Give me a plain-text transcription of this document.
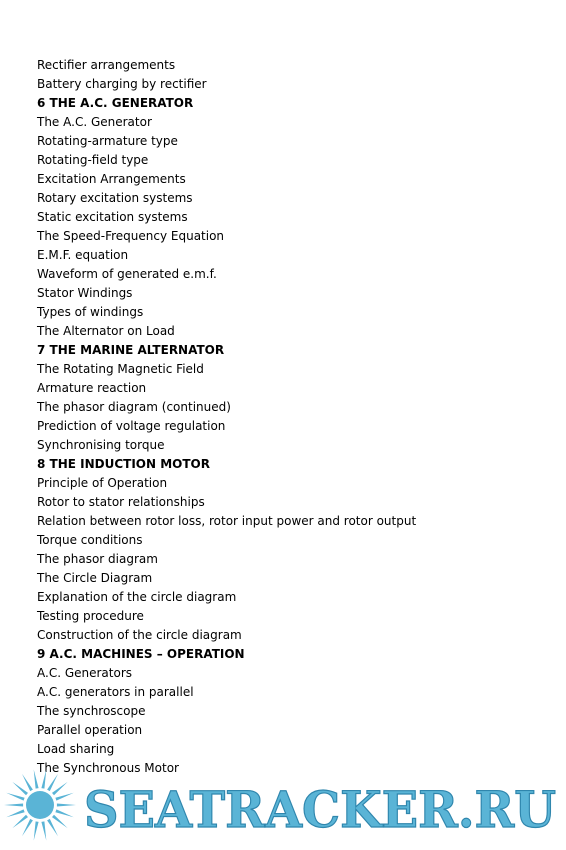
Rectifier arrangements
Battery charging by rectifier
6 THE A.C. GENERATOR
The A.C. Generator
Rotating-armature type
Rotating-field type
Excitation Arrangements
Rotary excitation systems
Static excitation systems
The Speed-Frequency Equation
E.M.F. equation
Waveform of generated e.m.f.
Stator Windings
Types of windings
The Alternator on Load
7 THE MARINE ALTERNATOR
The Rotating Magnetic Field
Armature reaction
The phasor diagram (continued)
Prediction of voltage regulation
Synchronising torque
8 THE INDUCTION MOTOR
Principle of Operation
Rotor to stator relationships
Relation between rotor loss, rotor input power and rotor output
Torque conditions
The phasor diagram
The Circle Diagram
Explanation of the circle diagram
Testing procedure
Construction of the circle diagram
9 A.C. MACHINES – OPERATION
A.C. Generators
A.C. generators in parallel
The synchroscope
Parallel operation
Load sharing
The Synchronous Motor
SEATRACKER.RU
